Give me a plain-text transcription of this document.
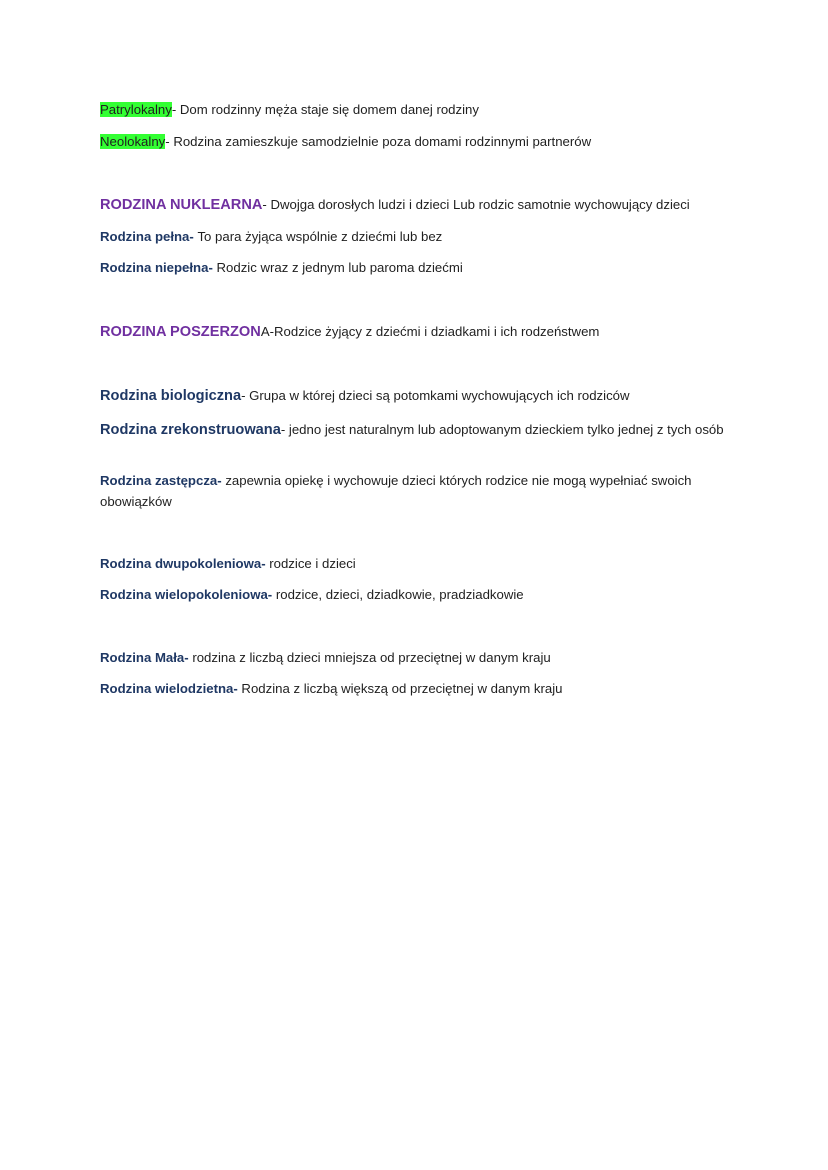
Patrylokalny- Dom rodzinny męża staje się domem danej rodziny

Neolokalny- Rodzina zamieszkuje samodzielnie poza domami rodzinnymi partnerów

RODZINA NUKLEARNA- Dwojga dorosłych ludzi i dzieci Lub rodzic samotnie wychowujący dzieci

Rodzina pełna- To para żyjąca wspólnie z dziećmi lub bez

Rodzina niepełna- Rodzic wraz z jednym lub paroma dziećmi

RODZINA POSZERZONA-Rodzice żyjący z dziećmi i dziadkami i ich rodzeństwem

Rodzina biologiczna- Grupa w której dzieci są potomkami wychowujących ich rodziców

Rodzina zrekonstruowana- jedno jest naturalnym lub adoptowanym dzieckiem tylko jednej z tych osób

Rodzina zastępcza- zapewnia opiekę i wychowuje dzieci których rodzice nie mogą wypełniać swoich obowiązków

Rodzina dwupokoleniowa- rodzice i dzieci

Rodzina wielopokoleniowa- rodzice, dzieci, dziadkowie, pradziadkowie

Rodzina Mała- rodzina z liczbą dzieci mniejsza od przeciętnej w danym kraju

Rodzina wielodzietna- Rodzina z liczbą większą od przeciętnej w danym kraju
